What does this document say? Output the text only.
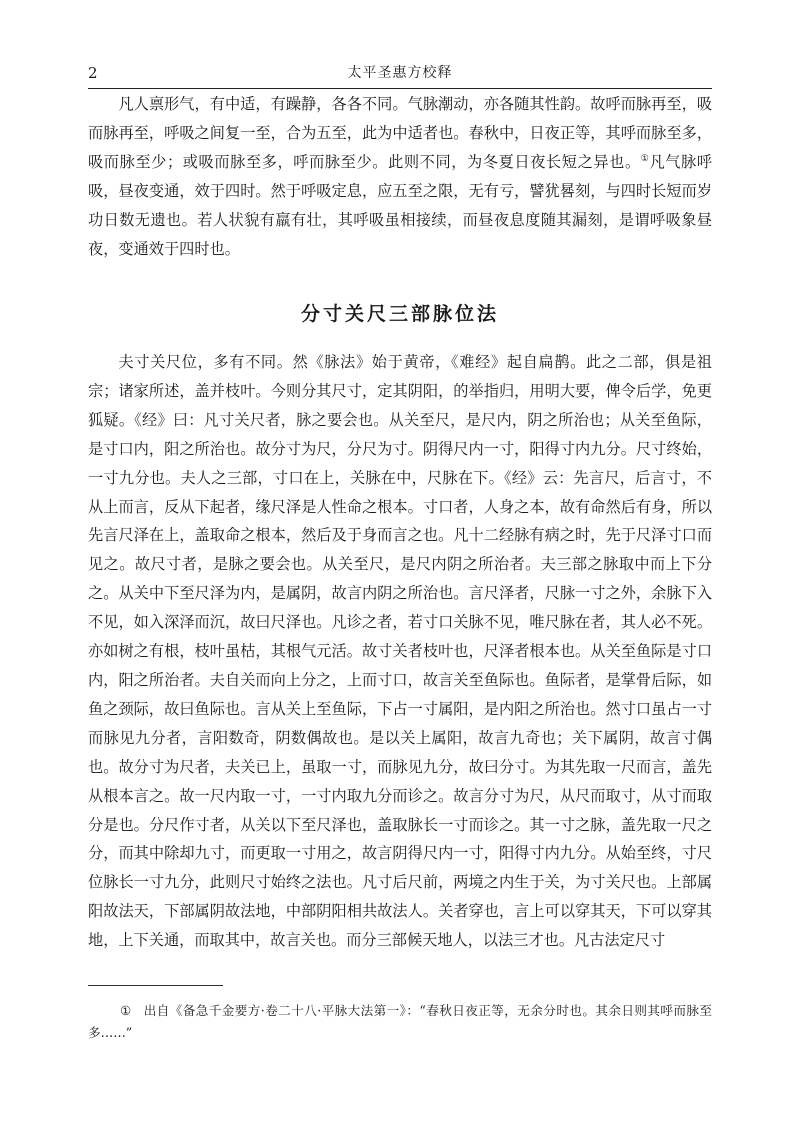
2	太平圣惠方校释

凡人禀形气，有中适，有躁静，各各不同。气脉潮动，亦各随其性韵。故呼而脉再至，吸而脉再至，呼吸之间复一至，合为五至，此为中适者也。春秋中，日夜正等，其呼而脉至多，吸而脉至少；或吸而脉至多，呼而脉至少。此则不同，为冬夏日夜长短之异也。①凡气脉呼吸，昼夜变通，效于四时。然于呼吸定息，应五至之限，无有亏，譬犹晷刻，与四时长短而岁功日数无遗也。若人状貌有羸有壮，其呼吸虽相接续，而昼夜息度随其漏刻，是谓呼吸象昼夜，变通效于四时也。

分寸关尺三部脉位法

夫寸关尺位，多有不同。然《脉法》始于黄帝，《难经》起自扁鹊。此之二部，俱是祖宗；诸家所述，盖并枝叶。今则分其尺寸，定其阴阳，的举指归，用明大要，俾令后学，免更狐疑。《经》曰：凡寸关尺者，脉之要会也。从关至尺，是尺内，阴之所治也；从关至鱼际，是寸口内，阳之所治也。故分寸为尺，分尺为寸。阴得尺内一寸，阳得寸内九分。尺寸终始，一寸九分也。夫人之三部，寸口在上，关脉在中，尺脉在下。《经》云：先言尺，后言寸，不从上而言，反从下起者，缘尺泽是人性命之根本。寸口者，人身之本，故有命然后有身，所以先言尺泽在上，盖取命之根本，然后及于身而言之也。凡十二经脉有病之时，先于尺泽寸口而见之。故尺寸者，是脉之要会也。从关至尺，是尺内阴之所治者。夫三部之脉取中而上下分之。从关中下至尺泽为内，是属阴，故言内阴之所治也。言尺泽者，尺脉一寸之外，余脉下入不见，如入深泽而沉，故曰尺泽也。凡诊之者，若寸口关脉不见，唯尺脉在者，其人必不死。亦如树之有根，枝叶虽枯，其根气元活。故寸关者枝叶也，尺泽者根本也。从关至鱼际是寸口内，阳之所治者。夫自关而向上分之，上而寸口，故言关至鱼际也。鱼际者，是掌骨后际，如鱼之颈际，故曰鱼际也。言从关上至鱼际，下占一寸属阳，是内阳之所治也。然寸口虽占一寸而脉见九分者，言阳数奇，阴数偶故也。是以关上属阳，故言九奇也；关下属阴，故言寸偶也。故分寸为尺者，夫关已上，虽取一寸，而脉见九分，故曰分寸。为其先取一尺而言，盖先从根本言之。故一尺内取一寸，一寸内取九分而诊之。故言分寸为尺，从尺而取寸，从寸而取分是也。分尺作寸者，从关以下至尺泽也，盖取脉长一寸而诊之。其一寸之脉，盖先取一尺之分，而其中除却九寸，而更取一寸用之，故言阴得尺内一寸，阳得寸内九分。从始至终，寸尺位脉长一寸九分，此则尺寸始终之法也。凡寸后尺前，两境之内生于关，为寸关尺也。上部属阳故法天，下部属阴故法地，中部阴阳相共故法人。关者穿也，言上可以穿其天，下可以穿其地，上下关通，而取其中，故言关也。而分三部候天地人，以法三才也。凡古法定尺寸

① 出自《备急千金要方·卷二十八·平脉大法第一》：“春秋日夜正等，无余分时也。其余日则其呼而脉至多……”
